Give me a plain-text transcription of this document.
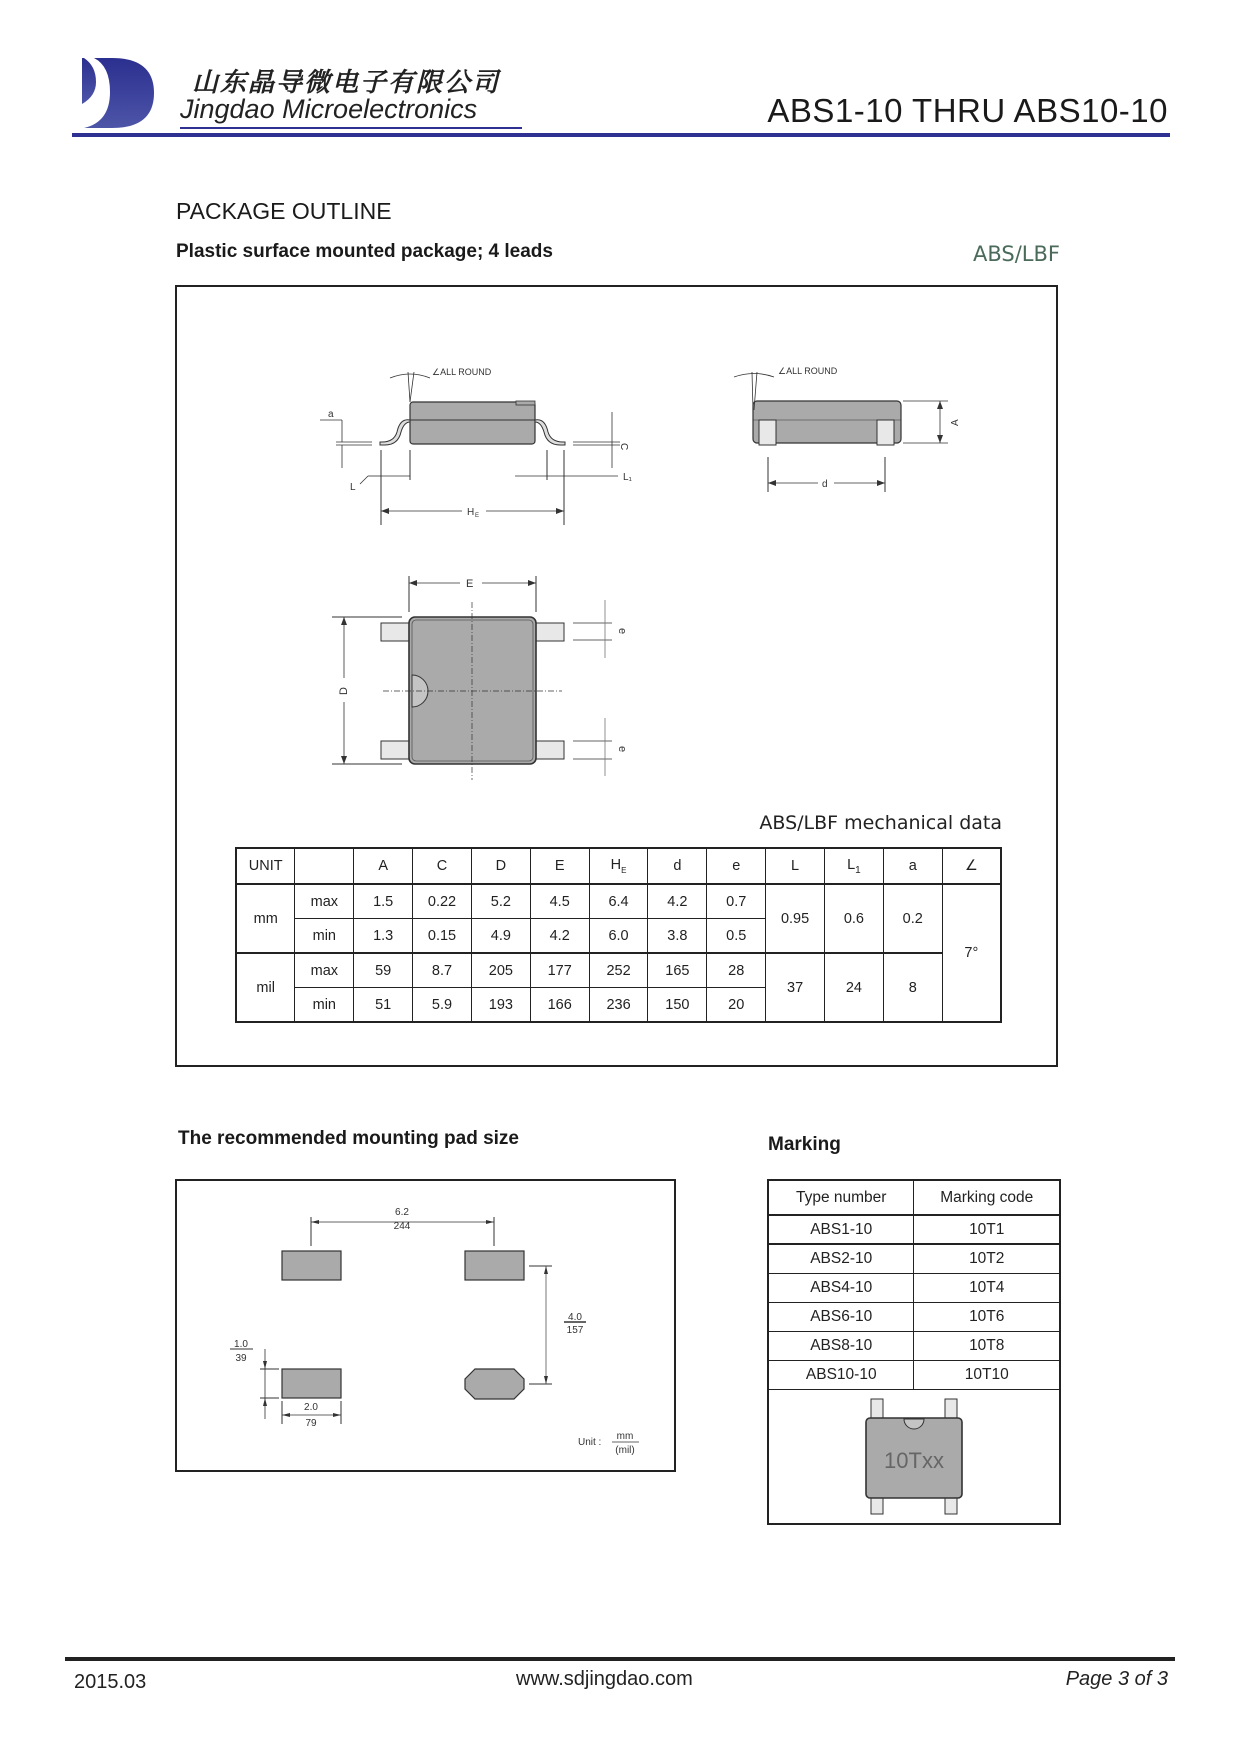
山东晶导微电子有限公司
Jingdao Microelectronics	ABS1-10 THRU ABS10-10
PACKAGE OUTLINE
Plastic surface mounted package; 4 leads	ABS/LBF
∠ALL ROUND
a
C
L
L₁
H E
∠ALL ROUND
A
d
E
D
e
e
ABS/LBF mechanical data
UNIT		A	C	D	E	$H_E$	d	e	L	$L_1$	a	∠
mm	max	1.5	0.22	5.2	4.5	6.4	4.2	0.7	0.95	0.6	0.2	7°
	min	1.3	0.15	4.9	4.2	6.0	3.8	0.5				
mil	max	59	8.7	205	177	252	165	28	37	24	8	
	min	51	5.9	193	166	236	150	20				
The recommended mounting pad size
6.2
244
4.0
157
1.0
39
2.0
79
Unit :
mm
(mil)
Marking
Type number	Marking code
ABS1-10	10T1
ABS2-10	10T2
ABS4-10	10T4
ABS6-10	10T6
ABS8-10	10T8
ABS10-10	10T10

10Txx	
2015.03	www.sdjingdao.com	Page 3 of 3
